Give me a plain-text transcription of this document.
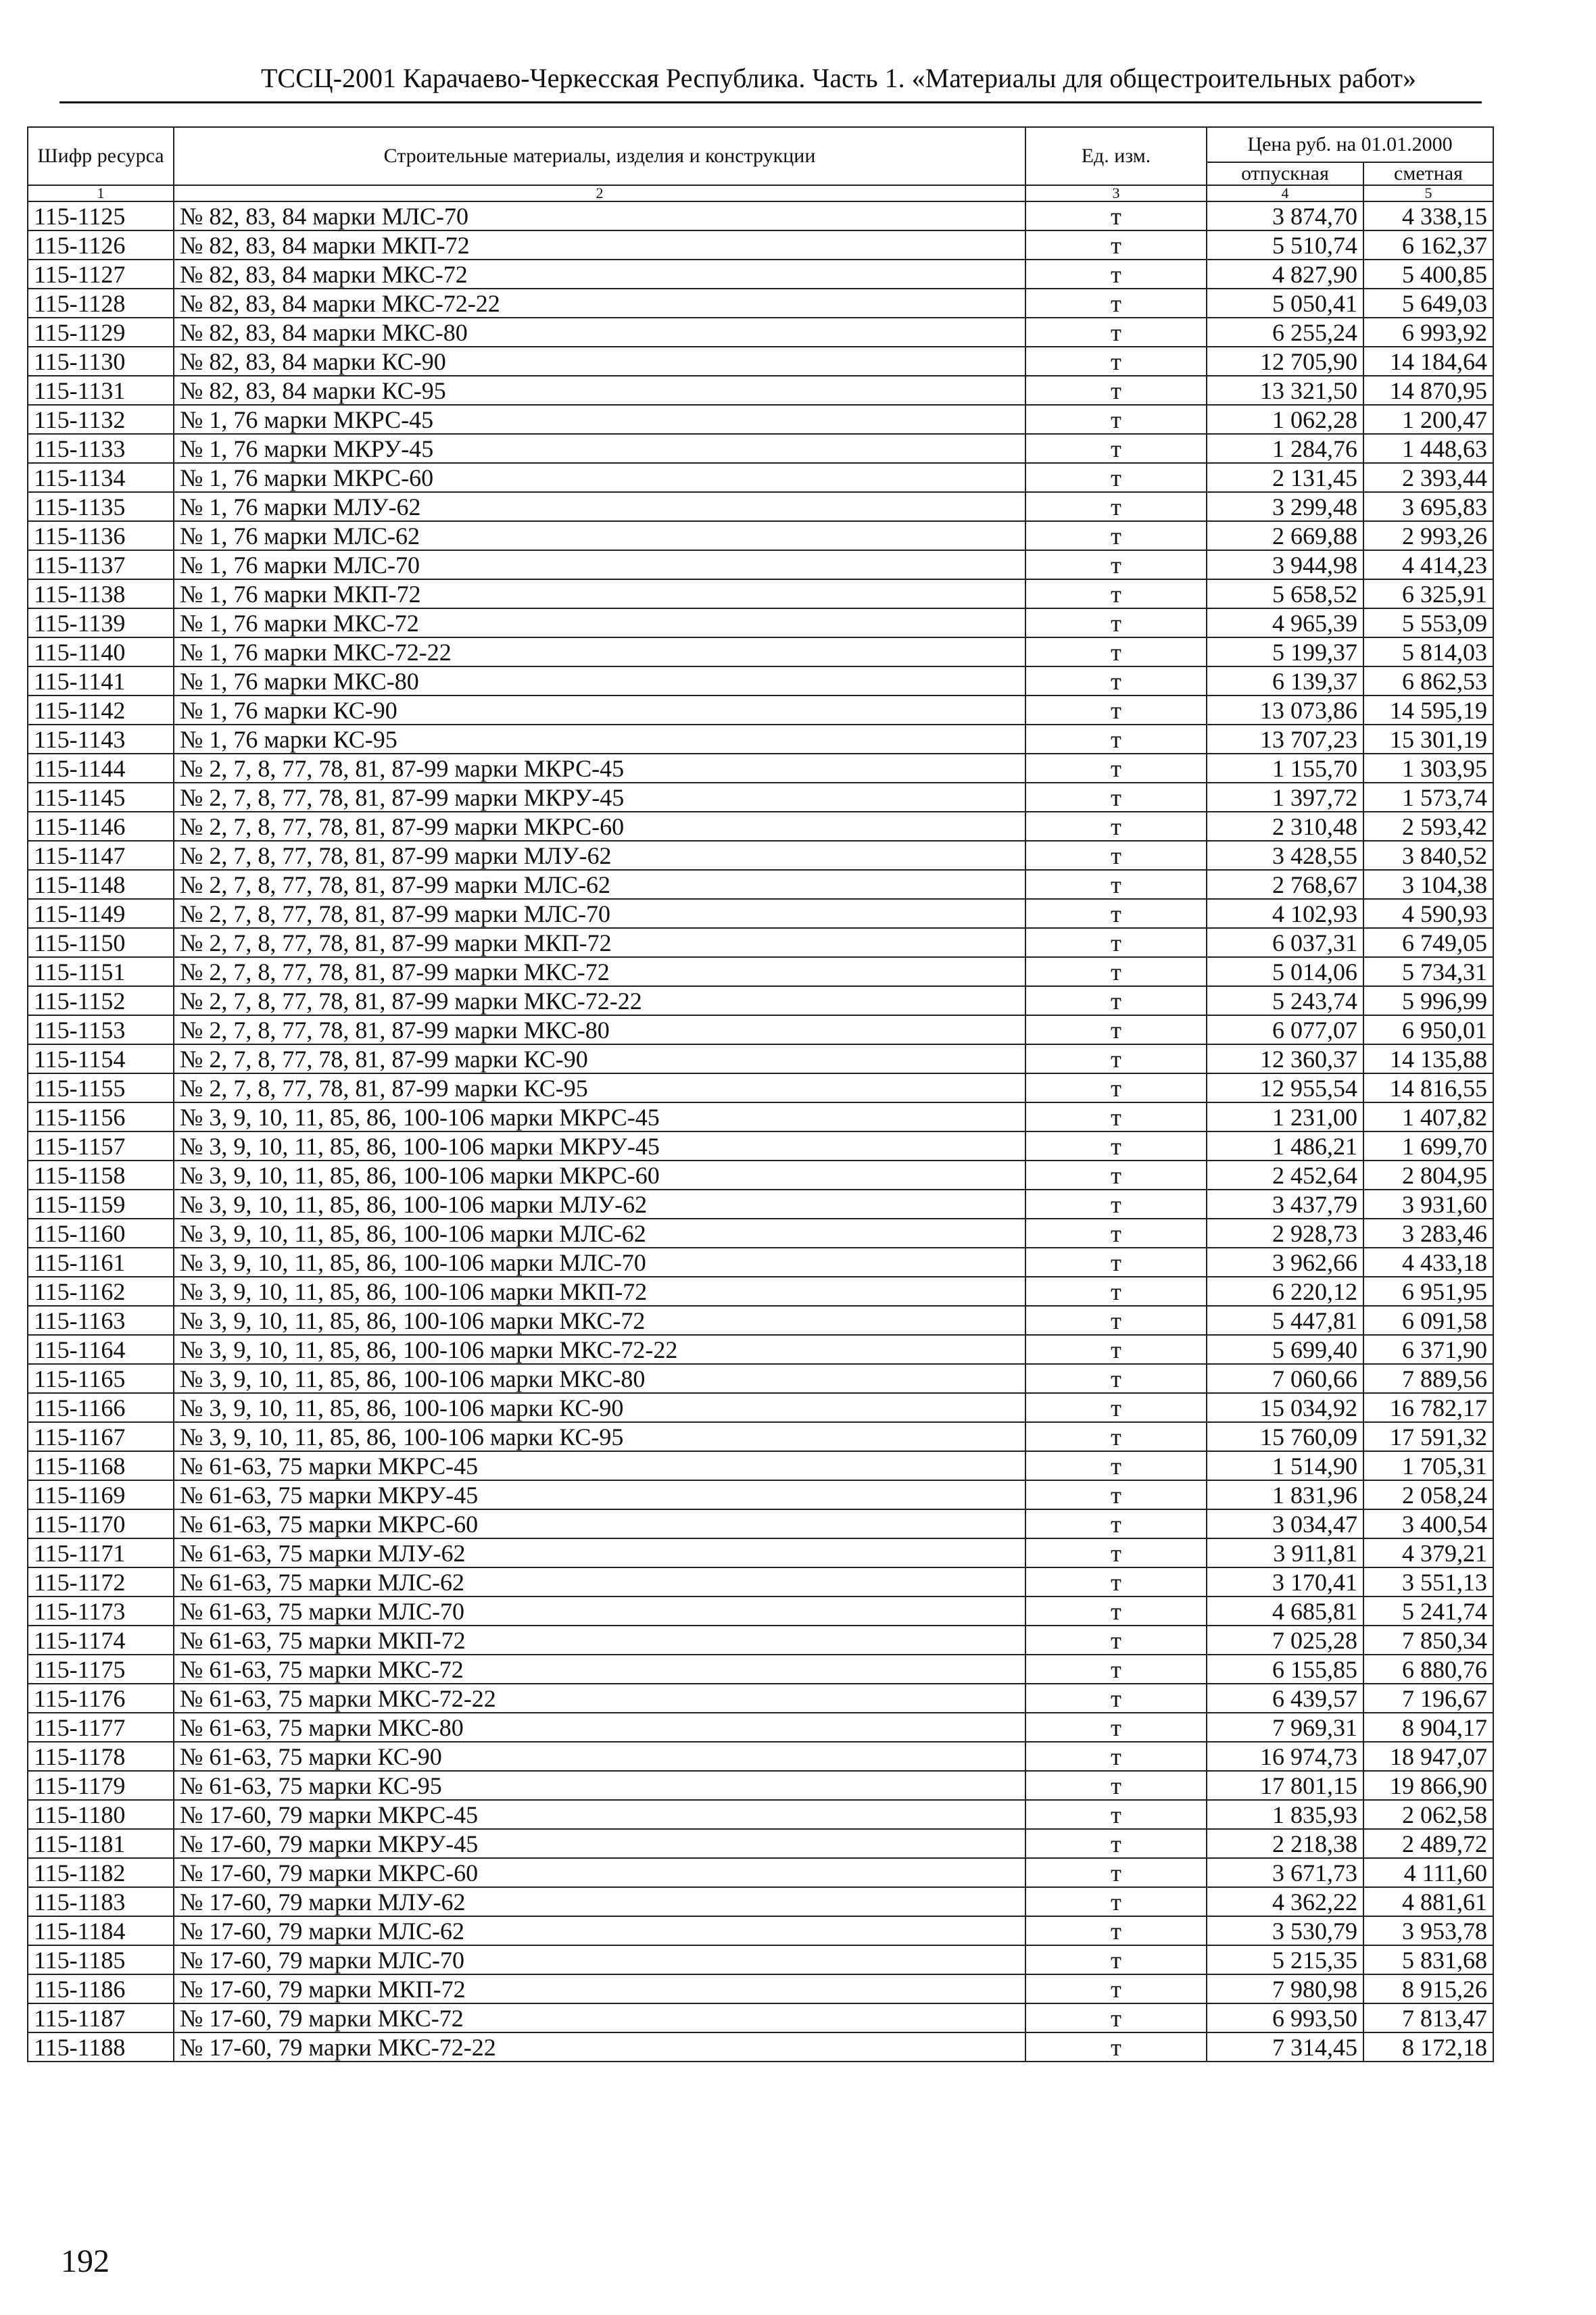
ТССЦ-2001 Карачаево-Черкесская Республика. Часть 1. «Материалы для общестроительных работ»
Шифр ресурса	Строительные материалы, изделия и конструкции	Ед. изм.	Цена руб. на 01.01.2000	
			отпускная	сметная
1	2	3	4	5
115-1125	№ 82, 83, 84 марки МЛС-70	т	3 874,70	4 338,15
115-1126	№ 82, 83, 84 марки МКП-72	т	5 510,74	6 162,37
115-1127	№ 82, 83, 84 марки МКС-72	т	4 827,90	5 400,85
115-1128	№ 82, 83, 84 марки МКС-72-22	т	5 050,41	5 649,03
115-1129	№ 82, 83, 84 марки МКС-80	т	6 255,24	6 993,92
115-1130	№ 82, 83, 84 марки КС-90	т	12 705,90	14 184,64
115-1131	№ 82, 83, 84 марки КС-95	т	13 321,50	14 870,95
115-1132	№ 1, 76 марки МКРС-45	т	1 062,28	1 200,47
115-1133	№ 1, 76 марки МКРУ-45	т	1 284,76	1 448,63
115-1134	№ 1, 76 марки МКРС-60	т	2 131,45	2 393,44
115-1135	№ 1, 76 марки МЛУ-62	т	3 299,48	3 695,83
115-1136	№ 1, 76 марки МЛС-62	т	2 669,88	2 993,26
115-1137	№ 1, 76 марки МЛС-70	т	3 944,98	4 414,23
115-1138	№ 1, 76 марки МКП-72	т	5 658,52	6 325,91
115-1139	№ 1, 76 марки МКС-72	т	4 965,39	5 553,09
115-1140	№ 1, 76 марки МКС-72-22	т	5 199,37	5 814,03
115-1141	№ 1, 76 марки МКС-80	т	6 139,37	6 862,53
115-1142	№ 1, 76 марки КС-90	т	13 073,86	14 595,19
115-1143	№ 1, 76 марки КС-95	т	13 707,23	15 301,19
115-1144	№ 2, 7, 8, 77, 78, 81, 87-99 марки МКРС-45	т	1 155,70	1 303,95
115-1145	№ 2, 7, 8, 77, 78, 81, 87-99 марки МКРУ-45	т	1 397,72	1 573,74
115-1146	№ 2, 7, 8, 77, 78, 81, 87-99 марки МКРС-60	т	2 310,48	2 593,42
115-1147	№ 2, 7, 8, 77, 78, 81, 87-99 марки МЛУ-62	т	3 428,55	3 840,52
115-1148	№ 2, 7, 8, 77, 78, 81, 87-99 марки МЛС-62	т	2 768,67	3 104,38
115-1149	№ 2, 7, 8, 77, 78, 81, 87-99 марки МЛС-70	т	4 102,93	4 590,93
115-1150	№ 2, 7, 8, 77, 78, 81, 87-99 марки МКП-72	т	6 037,31	6 749,05
115-1151	№ 2, 7, 8, 77, 78, 81, 87-99 марки МКС-72	т	5 014,06	5 734,31
115-1152	№ 2, 7, 8, 77, 78, 81, 87-99 марки МКС-72-22	т	5 243,74	5 996,99
115-1153	№ 2, 7, 8, 77, 78, 81, 87-99 марки МКС-80	т	6 077,07	6 950,01
115-1154	№ 2, 7, 8, 77, 78, 81, 87-99 марки КС-90	т	12 360,37	14 135,88
115-1155	№ 2, 7, 8, 77, 78, 81, 87-99 марки КС-95	т	12 955,54	14 816,55
115-1156	№ 3, 9, 10, 11, 85, 86, 100-106 марки МКРС-45	т	1 231,00	1 407,82
115-1157	№ 3, 9, 10, 11, 85, 86, 100-106 марки МКРУ-45	т	1 486,21	1 699,70
115-1158	№ 3, 9, 10, 11, 85, 86, 100-106 марки МКРС-60	т	2 452,64	2 804,95
115-1159	№ 3, 9, 10, 11, 85, 86, 100-106 марки МЛУ-62	т	3 437,79	3 931,60
115-1160	№ 3, 9, 10, 11, 85, 86, 100-106 марки МЛС-62	т	2 928,73	3 283,46
115-1161	№ 3, 9, 10, 11, 85, 86, 100-106 марки МЛС-70	т	3 962,66	4 433,18
115-1162	№ 3, 9, 10, 11, 85, 86, 100-106 марки МКП-72	т	6 220,12	6 951,95
115-1163	№ 3, 9, 10, 11, 85, 86, 100-106 марки МКС-72	т	5 447,81	6 091,58
115-1164	№ 3, 9, 10, 11, 85, 86, 100-106 марки МКС-72-22	т	5 699,40	6 371,90
115-1165	№ 3, 9, 10, 11, 85, 86, 100-106 марки МКС-80	т	7 060,66	7 889,56
115-1166	№ 3, 9, 10, 11, 85, 86, 100-106 марки КС-90	т	15 034,92	16 782,17
115-1167	№ 3, 9, 10, 11, 85, 86, 100-106 марки КС-95	т	15 760,09	17 591,32
115-1168	№ 61-63, 75 марки МКРС-45	т	1 514,90	1 705,31
115-1169	№ 61-63, 75 марки МКРУ-45	т	1 831,96	2 058,24
115-1170	№ 61-63, 75 марки МКРС-60	т	3 034,47	3 400,54
115-1171	№ 61-63, 75 марки МЛУ-62	т	3 911,81	4 379,21
115-1172	№ 61-63, 75 марки МЛС-62	т	3 170,41	3 551,13
115-1173	№ 61-63, 75 марки МЛС-70	т	4 685,81	5 241,74
115-1174	№ 61-63, 75 марки МКП-72	т	7 025,28	7 850,34
115-1175	№ 61-63, 75 марки МКС-72	т	6 155,85	6 880,76
115-1176	№ 61-63, 75 марки МКС-72-22	т	6 439,57	7 196,67
115-1177	№ 61-63, 75 марки МКС-80	т	7 969,31	8 904,17
115-1178	№ 61-63, 75 марки КС-90	т	16 974,73	18 947,07
115-1179	№ 61-63, 75 марки КС-95	т	17 801,15	19 866,90
115-1180	№ 17-60, 79 марки МКРС-45	т	1 835,93	2 062,58
115-1181	№ 17-60, 79 марки МКРУ-45	т	2 218,38	2 489,72
115-1182	№ 17-60, 79 марки МКРС-60	т	3 671,73	4 111,60
115-1183	№ 17-60, 79 марки МЛУ-62	т	4 362,22	4 881,61
115-1184	№ 17-60, 79 марки МЛС-62	т	3 530,79	3 953,78
115-1185	№ 17-60, 79 марки МЛС-70	т	5 215,35	5 831,68
115-1186	№ 17-60, 79 марки МКП-72	т	7 980,98	8 915,26
115-1187	№ 17-60, 79 марки МКС-72	т	6 993,50	7 813,47
115-1188	№ 17-60, 79 марки МКС-72-22	т	7 314,45	8 172,18
192
